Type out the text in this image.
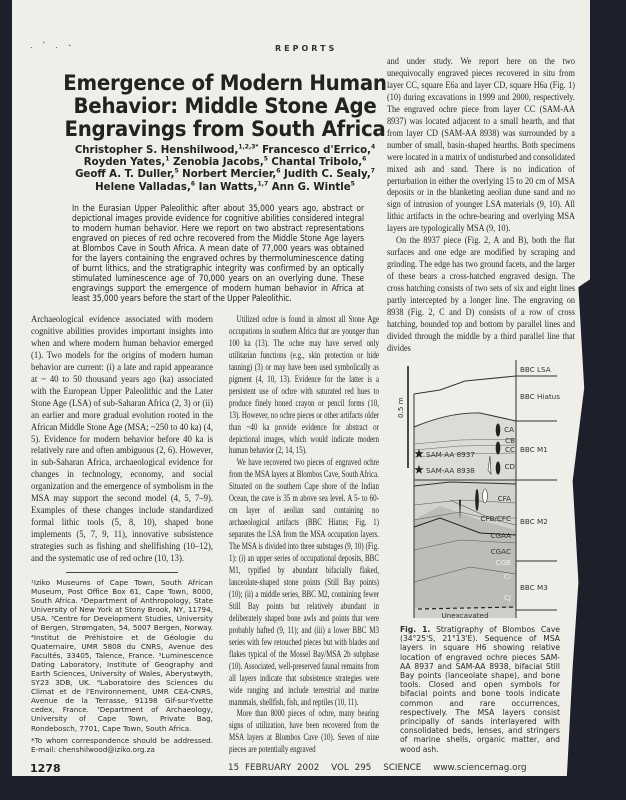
. ' . -	REPORTS
Emergence of Modern Human Behavior: Middle Stone Age Engravings from South Africa
Christopher S. Henshilwood,$^{1,2,3*}$ Francesco d'Errico,$^4$
Royden Yates,$^1$ Zenobia Jacobs,$^5$ Chantal Tribolo,$^6$
Geoff A. T. Duller,$^5$ Norbert Mercier,$^6$ Judith C. Sealy,$^7$
Helene Valladas,$^6$ Ian Watts,$^{1,7}$ Ann G. Wintle$^5$
In the Eurasian Upper Paleolithic after about 35,000 years ago, abstract or depictional images provide evidence for cognitive abilities considered integral to modern human behavior. Here we report on two abstract representations engraved on pieces of red ochre recovered from the Middle Stone Age layers at Blombos Cave in South Africa. A mean date of 77,000 years was obtained for the layers containing the engraved ochres by thermoluminescence dating of burnt lithics, and the stratigraphic integrity was confirmed by an optically stimulated luminescence age of 70,000 years on an overlying dune. These engravings support the emergence of modern human behavior in Africa at least 35,000 years before the start of the Upper Paleolithic.

Archaeological evidence associated with modern cognitive abilities provides important insights into when and where modern human behavior emerged (1). Two models for the origins of modern human behavior are current: (i) a late and rapid appearance at ~ 40 to 50 thousand years ago (ka) associated with the European Upper Paleolithic and the Later Stone Age (LSA) of sub-Saharan Africa (2, 3) or (ii) an earlier and more gradual evolution rooted in the African Middle Stone Age (MSA; ~250 to 40 ka) (4, 5). Evidence for modern behavior before 40 ka is relatively rare and often ambiguous (2, 6). However, in sub-Saharan Africa, archaeological evidence for changes in technology, economy, and social organization and the emergence of symbolism in the MSA may support the second model (4, 5, 7–9). Examples of these changes include standardized formal lithic tools (5, 8, 10), shaped bone implements (5, 7, 9, 11), innovative subsistence strategies such as fishing and shellfishing (10–12), and the systematic use of red ochre (10, 13).

¹Iziko Museums of Cape Town, South African Museum, Post Office Box 61, Cape Town, 8000, South Africa. ²Department of Anthropology, State University of New York at Stony Brook, NY, 11794, USA. ³Centre for Development Studies, University of Bergen, Strømgaten, 54, 5007 Bergen, Norway. ⁴Institut de Préhistoire et de Géologie du Quaternaire, UMR 5808 du CNRS, Avenue des Facultés, 33405, Talence, France. ⁵Luminescence Dating Laboratory, Institute of Geography and Earth Sciences, University of Wales, Aberystwyth, SY23 3DB, UK. ⁶Laboratoire des Sciences du Climat et de l'Environnement, UMR CEA-CNRS, Avenue de la Terrasse, 91198 Gif-sur-Yvette cedex, France. ⁷Department of Archaeology, University of Cape Town, Private Bag, Rondebosch, 7701, Cape Town, South Africa.

*To whom correspondence should be addressed. E-mail: chenshilwood@iziko.org.za

Utilized ochre is found in almost all Stone Age occupations in southern Africa that are younger than 100 ka (13). The ochre may have served only utilitarian functions (e.g., skin protection or hide tanning) (3) or may have been used symbolically as pigment (4, 10, 13). Evidence for the latter is a persistent use of ochre with saturated red hues to produce finely honed crayon or pencil forms (10, 13). However, no ochre pieces or other artifacts older than ~40 ka provide evidence for abstract or depictional images, which would indicate modern human behavior (2, 14, 15).

We have recovered two pieces of engraved ochre from the MSA layers at Blombos Cave, South Africa. Situated on the southern Cape shore of the Indian Ocean, the cave is 35 m above sea level. A 5- to 60-cm layer of aeolian sand containing no archaeological artifacts (BBC Hiatus; Fig. 1) separates the LSA from the MSA occupation layers. The MSA is divided into three substages (9, 10) (Fig. 1): (i) an upper series of occupational deposits, BBC M1, typified by abundant bifacially flaked, lanceolate-shaped stone points (Still Bay points) (10); (ii) a middle series, BBC M2, containing fewer Still Bay points but relatively abundant in deliberately shaped bone awls and points that were probably hafted (9, 11); and (iii) a lower BBC M3 series with few retouched pieces but with blades and flakes typical of the Mossel Bay/MSA 2b subphase (10). Associated, well-preserved faunal remains from all layers indicate that subsistence strategies were wide ranging and include terrestrial and marine mammals, shellfish, fish, and reptiles (10, 11).

More than 8000 pieces of ochre, many bearing signs of utilization, have been recovered from the MSA layers at Blombos Cave (10). Seven of nine pieces are potentially engraved

and under study. We report here on the two unequivocally engraved pieces recovered in situ from layer CC, square E6a and layer CD, square H6a (Fig. 1) (10) during excavations in 1999 and 2000, respectively. The engraved ochre piece from layer CC (SAM-AA 8937) was located adjacent to a small hearth, and that from layer CD (SAM-AA 8938) was surrounded by a number of small, basin-shaped hearths. Both specimens were located in a matrix of undisturbed and consolidated mixed ash and sand. There is no indication of perturbation in either the overlying 15 to 20 cm of MSA deposits or in the blanketing aeolian dune sand and no sign of intrusion of younger LSA materials (9, 10). All lithic artifacts in the ochre-bearing and overlying MSA layers are typologically MSA (9, 10).

On the 8937 piece (Fig. 2, A and B), both the flat surfaces and one edge are modified by scraping and grinding. The edge has two ground facets, and the larger of these bears a cross-hatched engraved design. The cross hatching consists of two sets of six and eight lines partly intercepted by a longer line. The engraving on 8938 (Fig. 2, C and D) consists of a row of cross hatching, bounded top and bottom by parallel lines and divided through the middle by a third parallel line that divides

0.5 m
SAM-AA 8937
SAM-AA 8938
CA
CB
CC
CD
CFA
CFB/CFC
CGAA
CGAC
CGB
CI
CJ
Unexcavated
BBC LSA
BBC Hiatus
BBC M1
BBC M2
BBC M3
Fig. 1. Stratigraphy of Blombos Cave (34°25'S, 21°13'E). Sequence of MSA layers in square H6 showing relative location of engraved ochre pieces SAM-AA 8937 and SAM-AA 8938, bifacial Still Bay points (lanceolate shape), and bone tools. Closed and open symbols for bifacial points and bone tools indicate common and rare occurrences, respectively. The MSA layers consist principally of sands interlayered with consolidated beds, lenses, and stringers of marine shells, organic matter, and wood ash.
1278	15 FEBRUARY 2002 VOL 295 SCIENCE www.sciencemag.org
